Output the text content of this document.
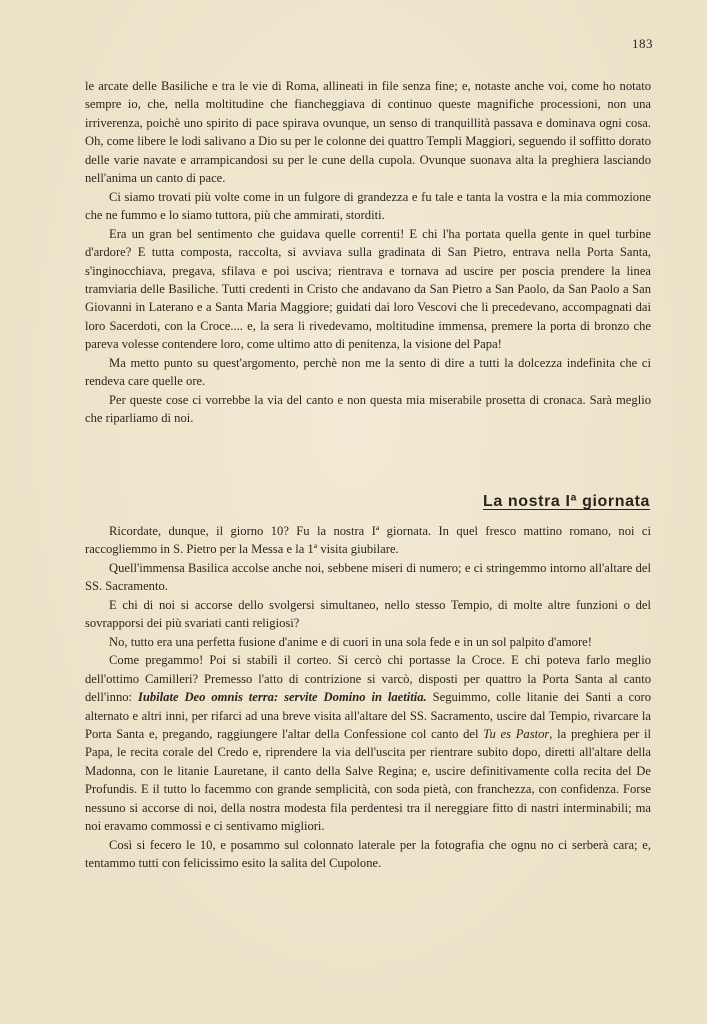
183

le arcate delle Basiliche e tra le vie di Roma, allineati in file senza fine; e, notaste anche voi, come ho notato sempre io, che, nella moltitudine che fiancheggiava di continuo queste magnifiche processioni, non una irriverenza, poichè uno spirito di pace spirava ovunque, un senso di tranquillità passava e dominava ogni cosa. Oh, come libere le lodi salivano a Dio su per le colonne dei quattro Templi Maggiori, seguendo il soffitto dorato delle varie navate e arrampicandosi su per le cune della cupola. Ovunque suonava alta la preghiera lasciando nell'anima un canto di pace.

Ci siamo trovati più volte come in un fulgore di grandezza e fu tale e tanta la vostra e la mia commozione che ne fummo e lo siamo tuttora, più che ammirati, storditi.

Era un gran bel sentimento che guidava quelle correnti! E chi l'ha portata quella gente in quel turbine d'ardore? E tutta composta, raccolta, si avviava sulla gradinata di San Pietro, entrava nella Porta Santa, s'inginocchiava, pregava, sfilava e poi usciva; rientrava e tornava ad uscire per poscia prendere la linea tramviaria delle Basiliche. Tutti credenti in Cristo che andavano da San Pietro a San Paolo, da San Paolo a San Giovanni in Laterano e a Santa Maria Maggiore; guidati dai loro Vescovi che li precedevano, accompagnati dai loro Sacerdoti, con la Croce.... e, la sera li rivedevamo, moltitudine immensa, premere la porta di bronzo che pareva volesse contendere loro, come ultimo atto di penitenza, la visione del Papa!

Ma metto punto su quest'argomento, perchè non me la sento di dire a tutti la dolcezza indefinita che ci rendeva care quelle ore.

Per queste cose ci vorrebbe la via del canto e non questa mia miserabile prosetta di cronaca. Sarà meglio che riparliamo di noi.

La nostra Iª giornata

Ricordate, dunque, il giorno 10? Fu la nostra Iª giornata. In quel fresco mattino romano, noi ci raccogliemmo in S. Pietro per la Messa e la 1ª visita giubilare.

Quell'immensa Basilica accolse anche noi, sebbene miseri di numero; e ci stringemmo intorno all'altare del SS. Sacramento.

E chi di noi si accorse dello svolgersi simultaneo, nello stesso Tempio, di molte altre funzioni o del sovrapporsi dei più svariati canti religiosi?

No, tutto era una perfetta fusione d'anime e di cuori in una sola fede e in un sol palpito d'amore!

Come pregammo! Poi si stabilì il corteo. Si cercò chi portasse la Croce. E chi poteva farlo meglio dell'ottimo Camilleri? Premesso l'atto di contrizione si varcò, disposti per quattro la Porta Santa al canto dell'inno: Iubilate Deo omnis terra: servite Domino in laetitia. Seguimmo, colle litanie dei Santi a coro alternato e altri inni, per rifarci ad una breve visita all'altare del SS. Sacramento, uscire dal Tempio, rivarcare la Porta Santa e, pregando, raggiungere l'altar della Confessione col canto del Tu es Pastor, la preghiera per il Papa, le recita corale del Credo e, riprendere la via dell'uscita per rientrare subito dopo, diretti all'altare della Madonna, con le litanie Lauretane, il canto della Salve Regina; e, uscire definitivamente colla recita del De Profundis. E il tutto lo facemmo con grande semplicità, con soda pietà, con franchezza, con confidenza. Forse nessuno si accorse di noi, della nostra modesta fila perdentesi tra il nereggiare fitto di nastri interminabili; ma noi eravamo commossi e ci sentivamo migliori.

Così si fecero le 10, e posammo sul colonnato laterale per la fotografia che ognu no ci serberà cara; e, tentammo tutti con felicissimo esito la salita del Cupolone.
